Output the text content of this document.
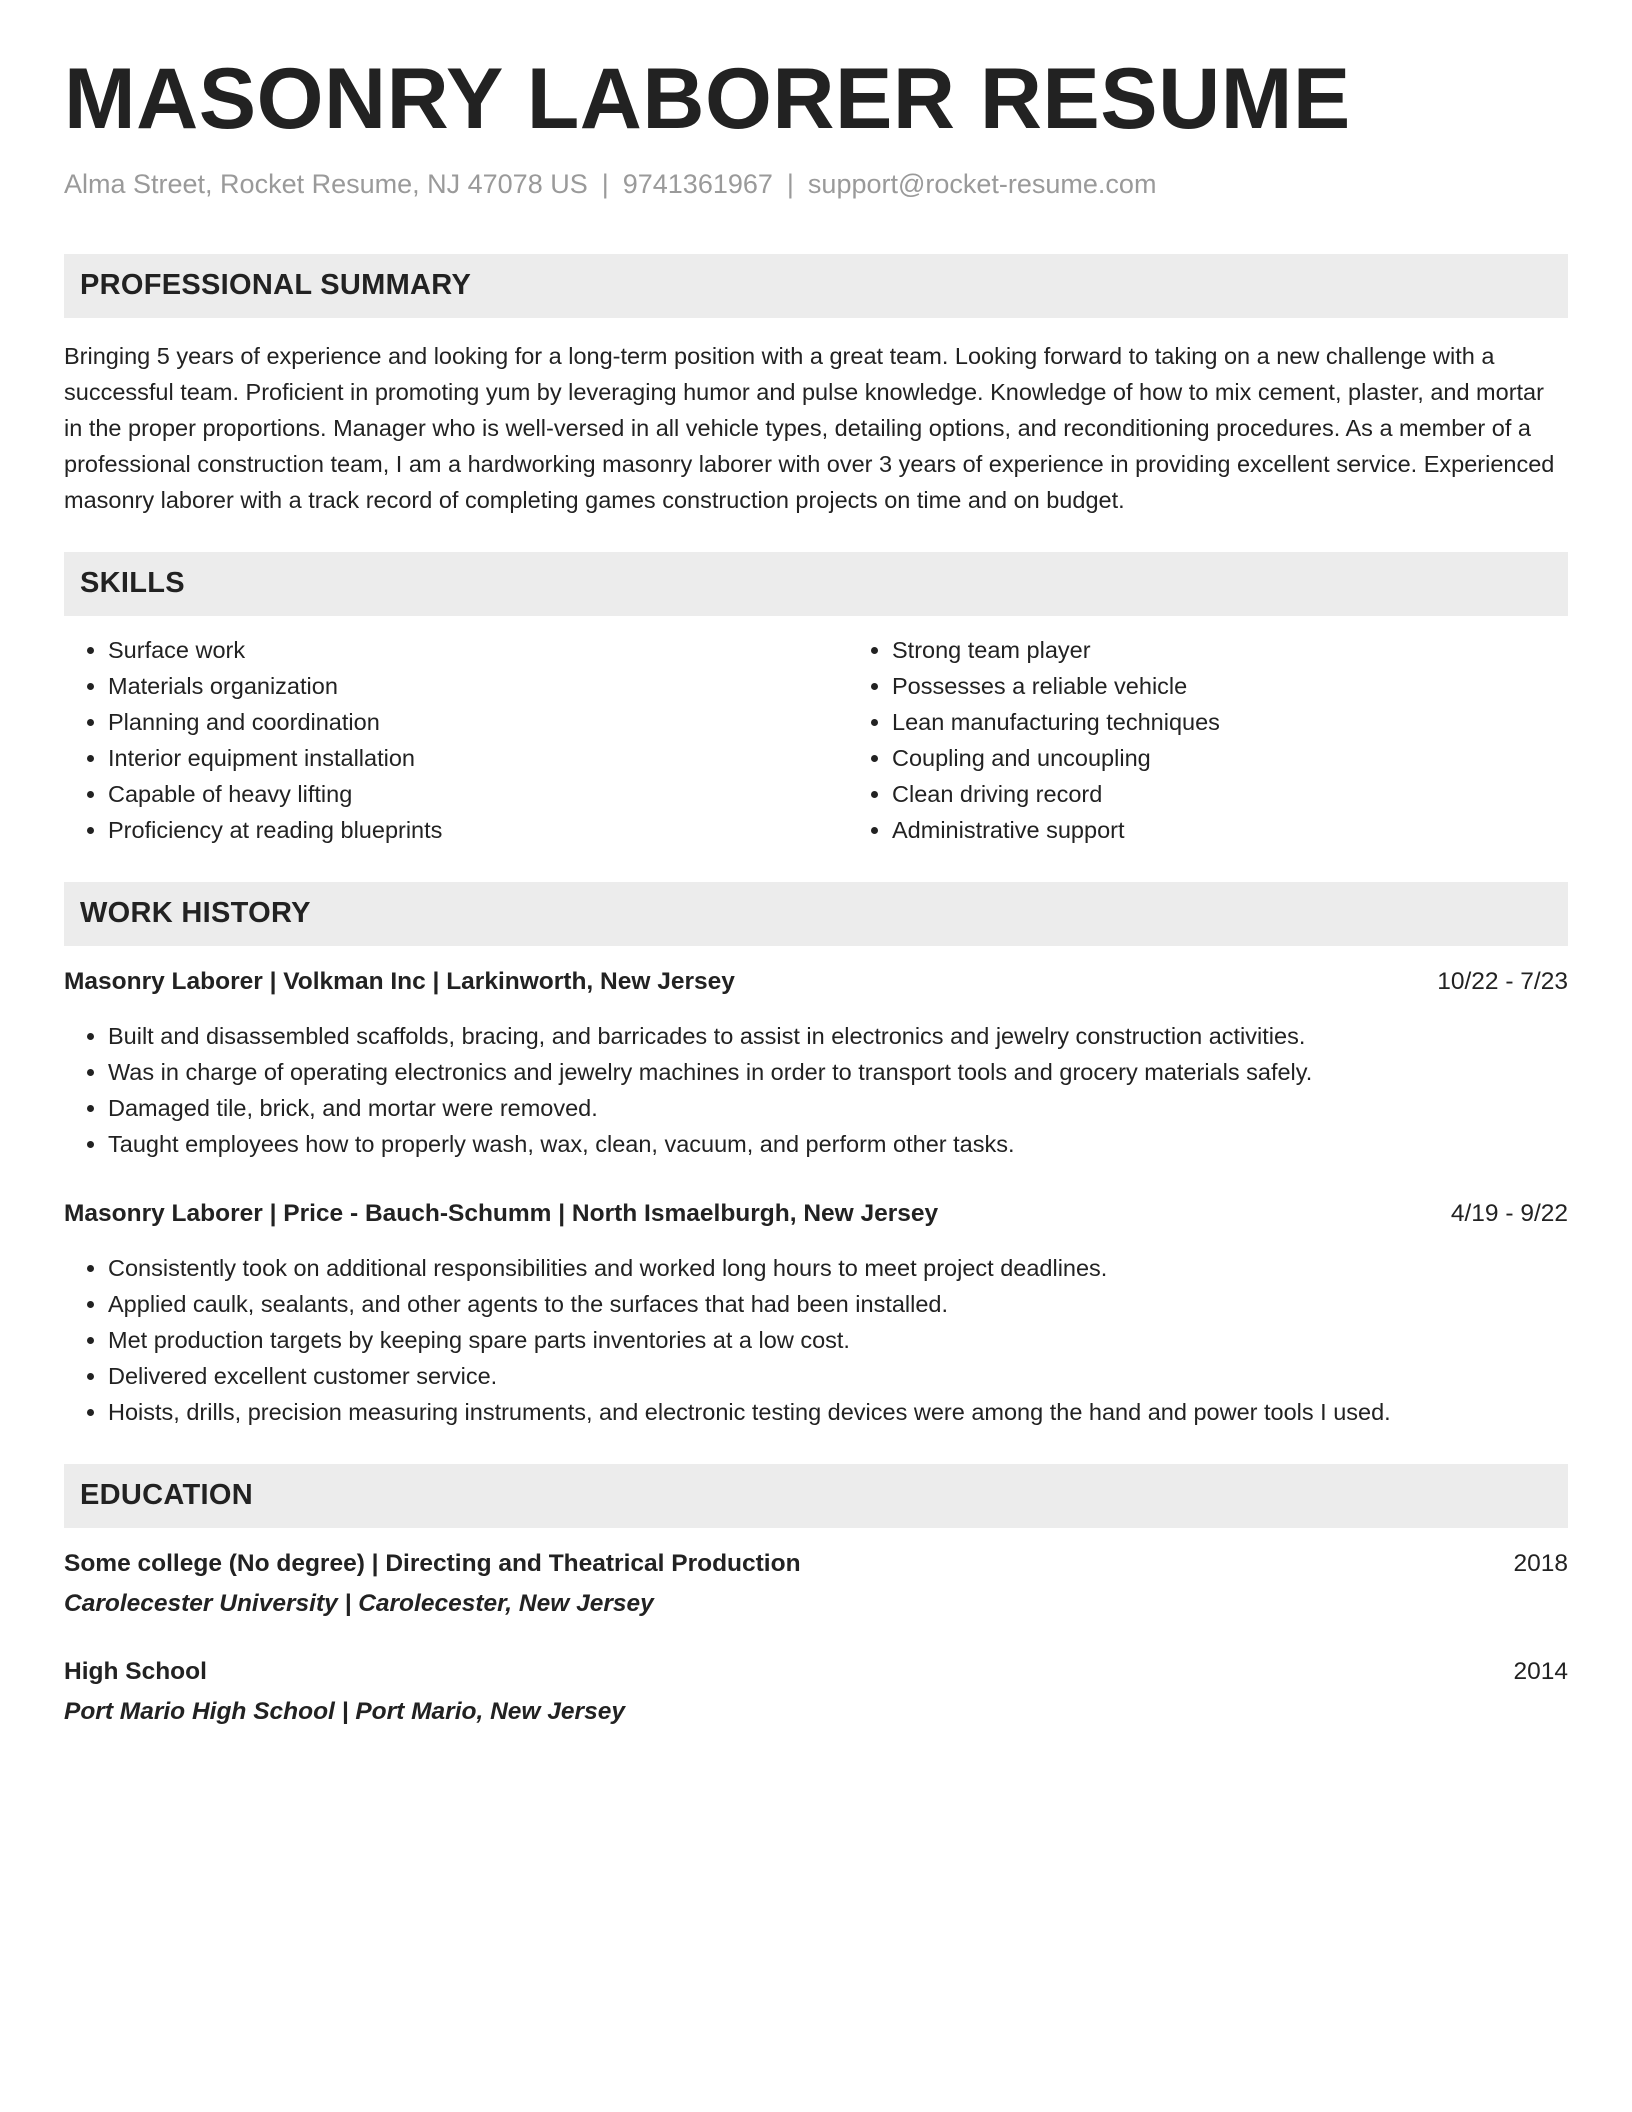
MASONRY LABORER RESUME
Alma Street, Rocket Resume, NJ 47078 US | 9741361967 | support@rocket-resume.com
PROFESSIONAL SUMMARY
Bringing 5 years of experience and looking for a long-term position with a great team. Looking forward to taking on a new challenge with a successful team. Proficient in promoting yum by leveraging humor and pulse knowledge. Knowledge of how to mix cement, plaster, and mortar in the proper proportions. Manager who is well-versed in all vehicle types, detailing options, and reconditioning procedures. As a member of a professional construction team, I am a hardworking masonry laborer with over 3 years of experience in providing excellent service. Experienced masonry laborer with a track record of completing games construction projects on time and on budget.
SKILLS
• Surface work
• Materials organization
• Planning and coordination
• Interior equipment installation
• Capable of heavy lifting
• Proficiency at reading blueprints
• Strong team player
• Possesses a reliable vehicle
• Lean manufacturing techniques
• Coupling and uncoupling
• Clean driving record
• Administrative support
WORK HISTORY
Masonry Laborer | Volkman Inc | Larkinworth, New Jersey	10/22 - 7/23
• Built and disassembled scaffolds, bracing, and barricades to assist in electronics and jewelry construction activities.
• Was in charge of operating electronics and jewelry machines in order to transport tools and grocery materials safely.
• Damaged tile, brick, and mortar were removed.
• Taught employees how to properly wash, wax, clean, vacuum, and perform other tasks.
Masonry Laborer | Price - Bauch-Schumm | North Ismaelburgh, New Jersey	4/19 - 9/22
• Consistently took on additional responsibilities and worked long hours to meet project deadlines.
• Applied caulk, sealants, and other agents to the surfaces that had been installed.
• Met production targets by keeping spare parts inventories at a low cost.
• Delivered excellent customer service.
• Hoists, drills, precision measuring instruments, and electronic testing devices were among the hand and power tools I used.
EDUCATION
Some college (No degree) | Directing and Theatrical Production	2018
Carolecester University | Carolecester, New Jersey
High School	2014
Port Mario High School | Port Mario, New Jersey
